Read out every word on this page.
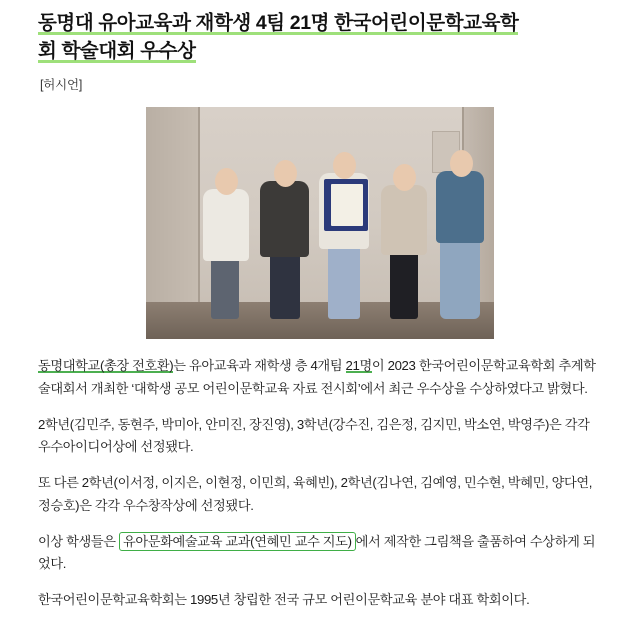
동명대 유아교육과 재학생 4팀 21명 한국어린이문학교육학
회 학술대회 우수상
[허시언]

동명대학교(총장 전호환)는 유아교육과 재학생 층 4개팀 21명이 2023 한국어린이문학교육학회 추계학술대회서 개최한 ‘대학생 공모 어린이문학교육 자료 전시회’에서 최근 우수상을 수상하였다고 밝혔다.

2학년(김민주, 동현주, 박미아, 안미진, 장진영), 3학년(강수진, 김은정, 김지민, 박소연, 박영주)은 각각 우수아이디어상에 선정됐다.

또 다른 2학년(이서정, 이지은, 이현정, 이민희, 육혜빈), 2학년(김나연, 김예영, 민수현, 박혜민, 양다연, 정승호)은 각각 우수창작상에 선정됐다.

이상 학생들은 유아문화예술교육 교과(연혜민 교수 지도) 에서 제작한 그림책을 출품하여 수상하게 되었다.

한국어린이문학교육학회는 1995년 창립한 전국 규모 어린이문학교육 분야 대표 학회이다.
